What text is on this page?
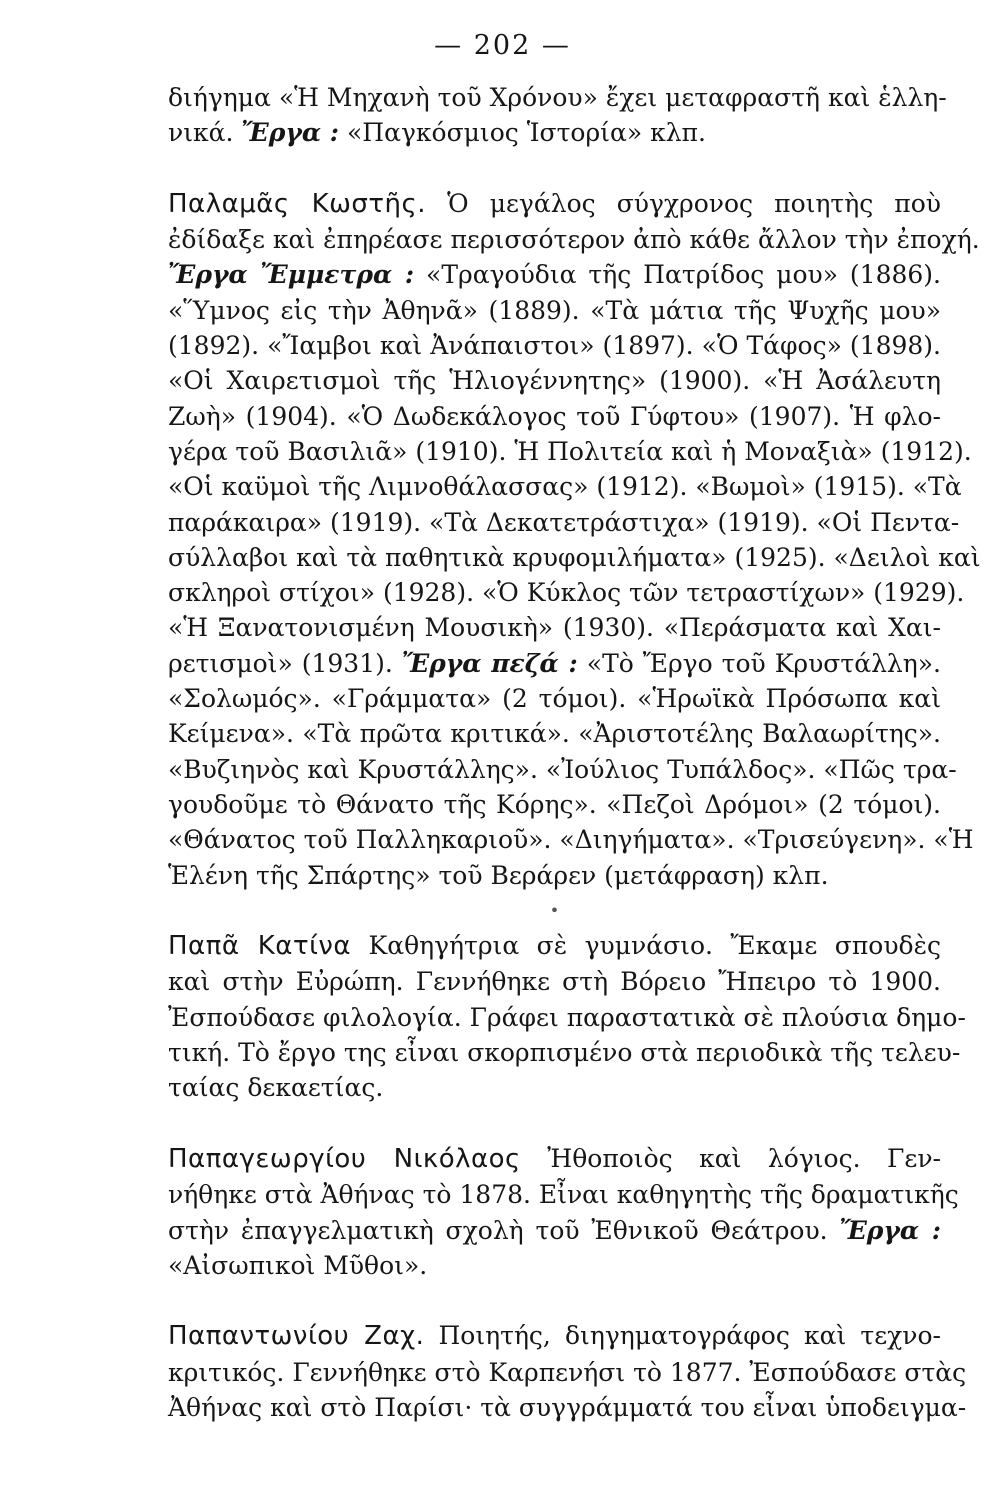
— 202 —
διήγημα «Ἡ Μηχανὴ τοῦ Χρόνου» ἔχει μεταφραστῆ καὶ ἑλλη-
νικά. Ἔργα : «Παγκόσμιος Ἱστορία» κλπ.
Παλαμᾶς Κωστῆς. Ὁ μεγάλος σύγχρονος ποιητὴς ποὺ
ἐδίδαξε καὶ ἐπηρέασε περισσότερον ἀπὸ κάθε ἄλλον τὴν ἐποχή.
Ἔργα Ἔμμετρα : «Τραγούδια τῆς Πατρίδος μου» (1886).
«Ὕμνος εἰς τὴν Ἀθηνᾶ» (1889). «Τὰ μάτια τῆς Ψυχῆς μου»
(1892). «Ἴαμβοι καὶ Ἀνάπαιστοι» (1897). «Ὁ Τάφος» (1898).
«Οἱ Χαιρετισμοὶ τῆς Ἡλιογέννητης» (1900). «Ἡ Ἀσάλευτη
Ζωὴ» (1904). «Ὁ Δωδεκάλογος τοῦ Γύφτου» (1907). Ἡ φλο-
γέρα τοῦ Βασιλιᾶ» (1910). Ἡ Πολιτεία καὶ ἡ Μοναξιὰ» (1912).
«Οἱ καϋμοὶ τῆς Λιμνοθάλασσας» (1912). «Βωμοὶ» (1915). «Τὰ
παράκαιρα» (1919). «Τὰ Δεκατετράστιχα» (1919). «Οἱ Πεντα-
σύλλαβοι καὶ τὰ παθητικὰ κρυφομιλήματα» (1925). «Δειλοὶ καὶ
σκληροὶ στίχοι» (1928). «Ὁ Κύκλος τῶν τετραστίχων» (1929).
«Ἡ Ξανατονισμένη Μουσικὴ» (1930). «Περάσματα καὶ Χαι-
ρετισμοὶ» (1931). Ἔργα πεζά : «Τὸ Ἔργο τοῦ Κρυστάλλη».
«Σολωμός». «Γράμματα» (2 τόμοι). «Ἡρωϊκὰ Πρόσωπα καὶ
Κείμενα». «Τὰ πρῶτα κριτικά». «Ἀριστοτέλης Βαλαωρίτης».
«Βυζιηνὸς καὶ Κρυστάλλης». «Ἰούλιος Τυπάλδος». «Πῶς τρα-
γουδοῦμε τὸ Θάνατο τῆς Κόρης». «Πεζοὶ Δρόμοι» (2 τόμοι).
«Θάνατος τοῦ Παλληκαριοῦ». «Διηγήματα». «Τρισεύγενη». «Ἡ
Ἑλένη τῆς Σπάρτης» τοῦ Βεράρεν (μετάφραση) κλπ.
•
Παπᾶ Κατίνα Καθηγήτρια σὲ γυμνάσιο. Ἔκαμε σπουδὲς
καὶ στὴν Εὐρώπη. Γεννήθηκε στὴ Βόρειο Ἤπειρο τὸ 1900.
Ἐσπούδασε φιλολογία. Γράφει παραστατικὰ σὲ πλούσια δημο-
τική. Τὸ ἔργο της εἶναι σκορπισμένο στὰ περιοδικὰ τῆς τελευ-
ταίας δεκαετίας.
Παπαγεωργίου Νικόλαος Ἠθοποιὸς καὶ λόγιος. Γεν-
νήθηκε στὰ Ἀθήνας τὸ 1878. Εἶναι καθηγητὴς τῆς δραματικῆς
στὴν ἐπαγγελματικὴ σχολὴ τοῦ Ἐθνικοῦ Θεάτρου. Ἔργα :
«Αἰσωπικοὶ Μῦθοι».
Παπαντωνίου Ζαχ. Ποιητής, διηγηματογράφος καὶ τεχνο-
κριτικός. Γεννήθηκε στὸ Καρπενήσι τὸ 1877. Ἐσπούδασε στὰς
Ἀθήνας καὶ στὸ Παρίσι· τὰ συγγράμματά του εἶναι ὑποδειγμα-
